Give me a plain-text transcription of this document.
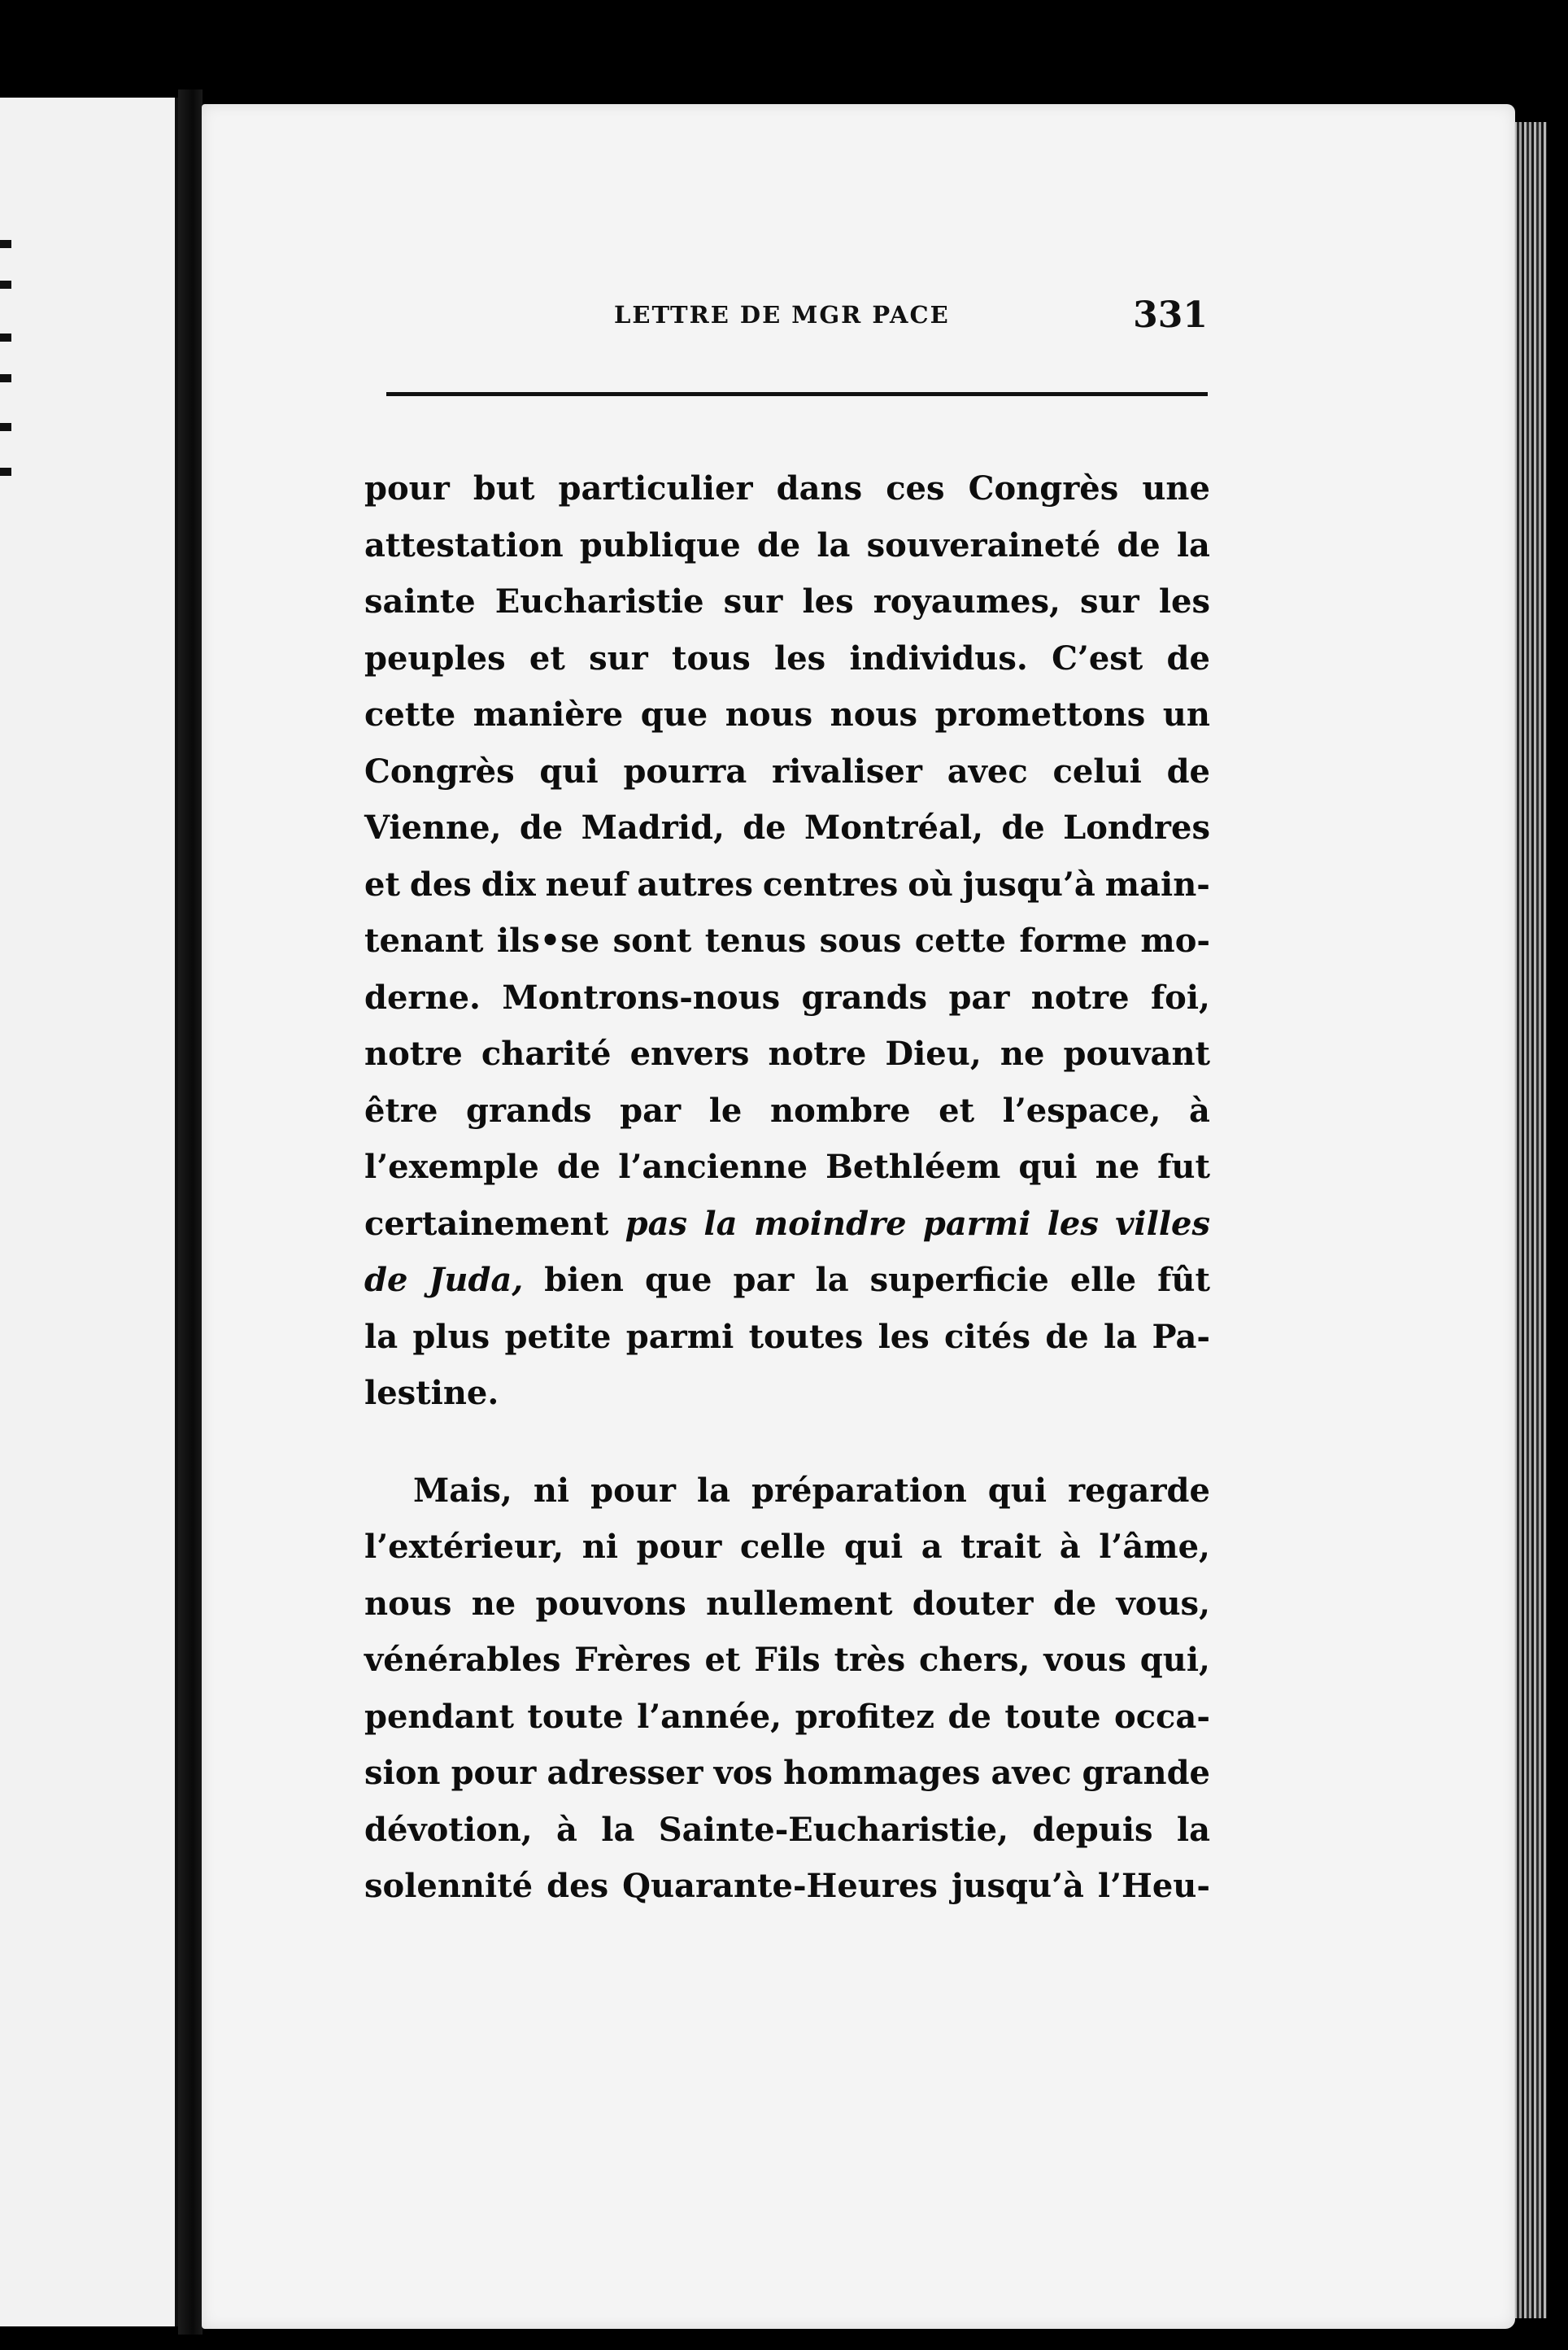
LETTRE DE MGR PACE	331
pour but particulier dans ces Congrès une
attestation publique de la souveraineté de la
sainte Eucharistie sur les royaumes, sur les
peuples et sur tous les individus. C’est de
cette manière que nous nous promettons un
Congrès qui pourra rivaliser avec celui de
Vienne, de Madrid, de Montréal, de Londres
et des dix neuf autres centres où jusqu’à main-
tenant ils•se sont tenus sous cette forme mo-
derne. Montrons-nous grands par notre foi,
notre charité envers notre Dieu, ne pouvant
être grands par le nombre et l’espace, à
l’exemple de l’ancienne Bethléem qui ne fut
certainement pas la moindre parmi les villes
de Juda, bien que par la superficie elle fût
la plus petite parmi toutes les cités de la Pa-
lestine.
Mais, ni pour la préparation qui regarde
l’extérieur, ni pour celle qui a trait à l’âme,
nous ne pouvons nullement douter de vous,
vénérables Frères et Fils très chers, vous qui,
pendant toute l’année, profitez de toute occa-
sion pour adresser vos hommages avec grande
dévotion, à la Sainte-Eucharistie, depuis la
solennité des Quarante-Heures jusqu’à l’Heu-
